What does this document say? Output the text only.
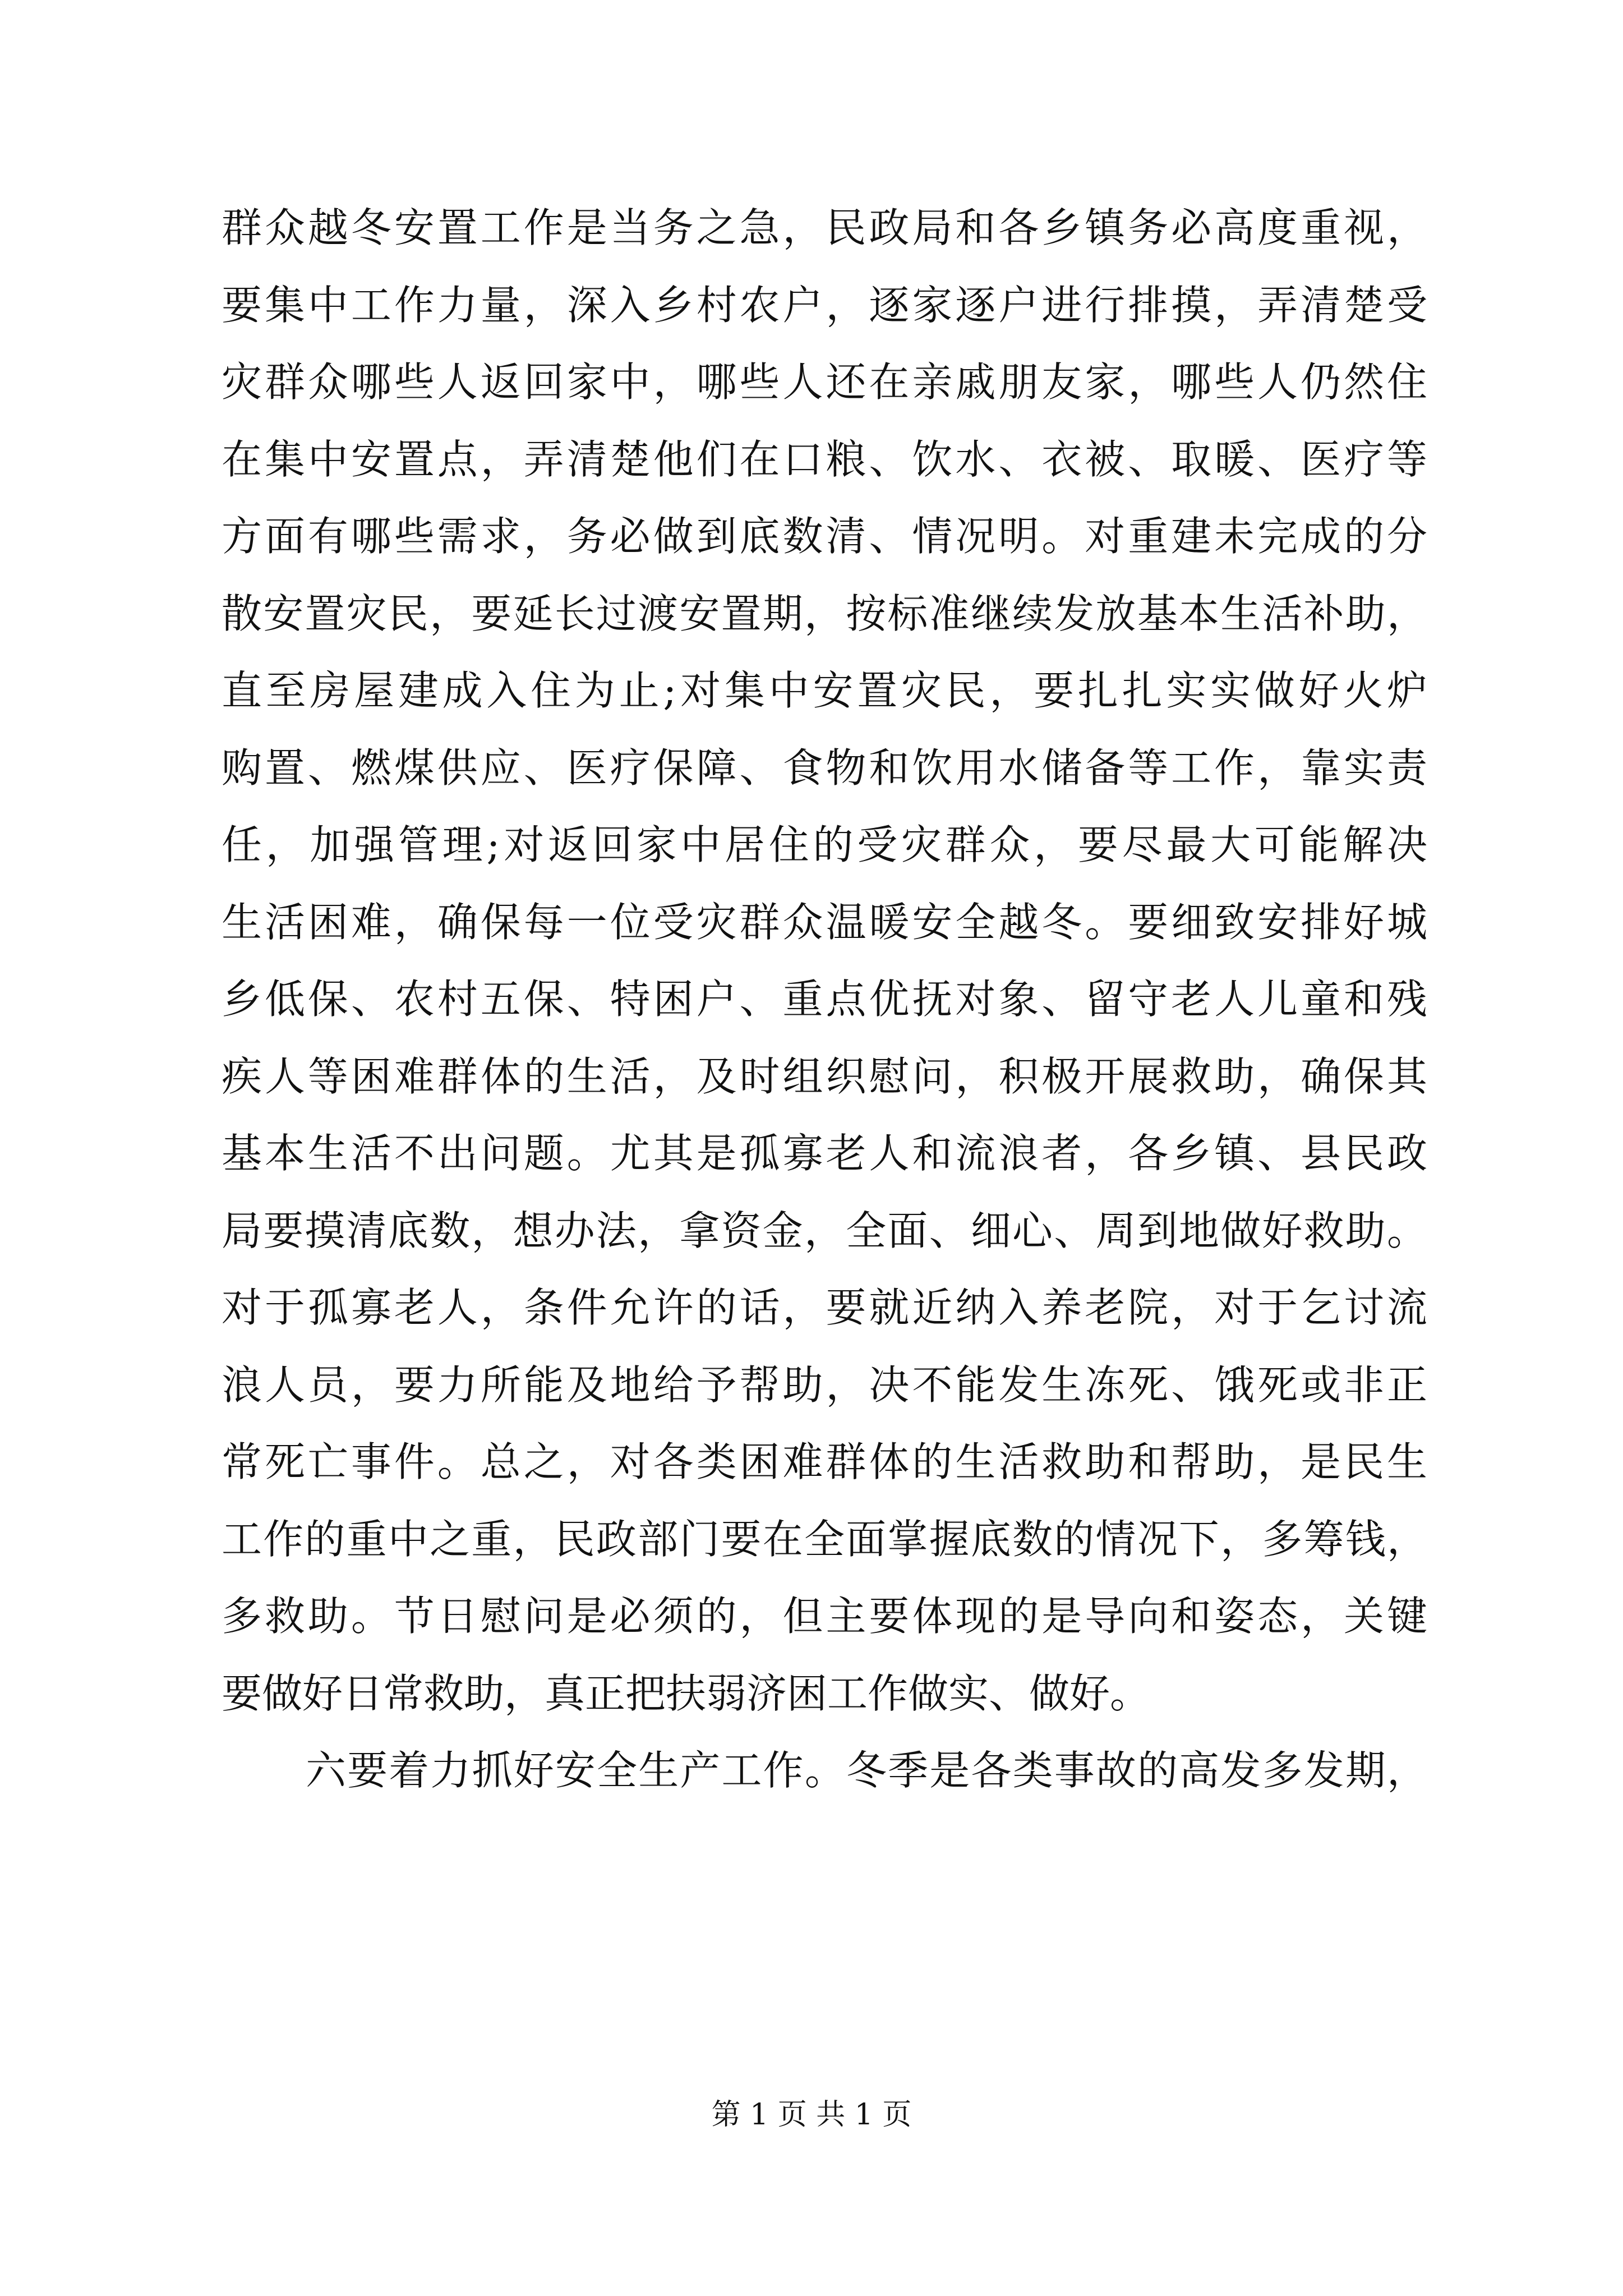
群众越冬安置工作是当务之急，民政局和各乡镇务必高度重视，
要集中工作力量，深入乡村农户，逐家逐户进行排摸，弄清楚受
灾群众哪些人返回家中，哪些人还在亲戚朋友家，哪些人仍然住
在集中安置点，弄清楚他们在口粮、饮水、衣被、取暖、医疗等
方面有哪些需求，务必做到底数清、情况明。对重建未完成的分
散安置灾民，要延长过渡安置期，按标准继续发放基本生活补助，
直至房屋建成入住为止;对集中安置灾民，要扎扎实实做好火炉
购置、燃煤供应、医疗保障、食物和饮用水储备等工作，靠实责
任，加强管理;对返回家中居住的受灾群众，要尽最大可能解决
生活困难，确保每一位受灾群众温暖安全越冬。要细致安排好城
乡低保、农村五保、特困户、重点优抚对象、留守老人儿童和残
疾人等困难群体的生活，及时组织慰问，积极开展救助，确保其
基本生活不出问题。尤其是孤寡老人和流浪者，各乡镇、县民政
局要摸清底数，想办法，拿资金，全面、细心、周到地做好救助。
对于孤寡老人，条件允许的话，要就近纳入养老院，对于乞讨流
浪人员，要力所能及地给予帮助，决不能发生冻死、饿死或非正
常死亡事件。总之，对各类困难群体的生活救助和帮助，是民生
工作的重中之重，民政部门要在全面掌握底数的情况下，多筹钱，
多救助。节日慰问是必须的，但主要体现的是导向和姿态，关键
要做好日常救助，真正把扶弱济困工作做实、做好。
六要着力抓好安全生产工作。冬季是各类事故的高发多发期，
第 1 页 共 1 页
